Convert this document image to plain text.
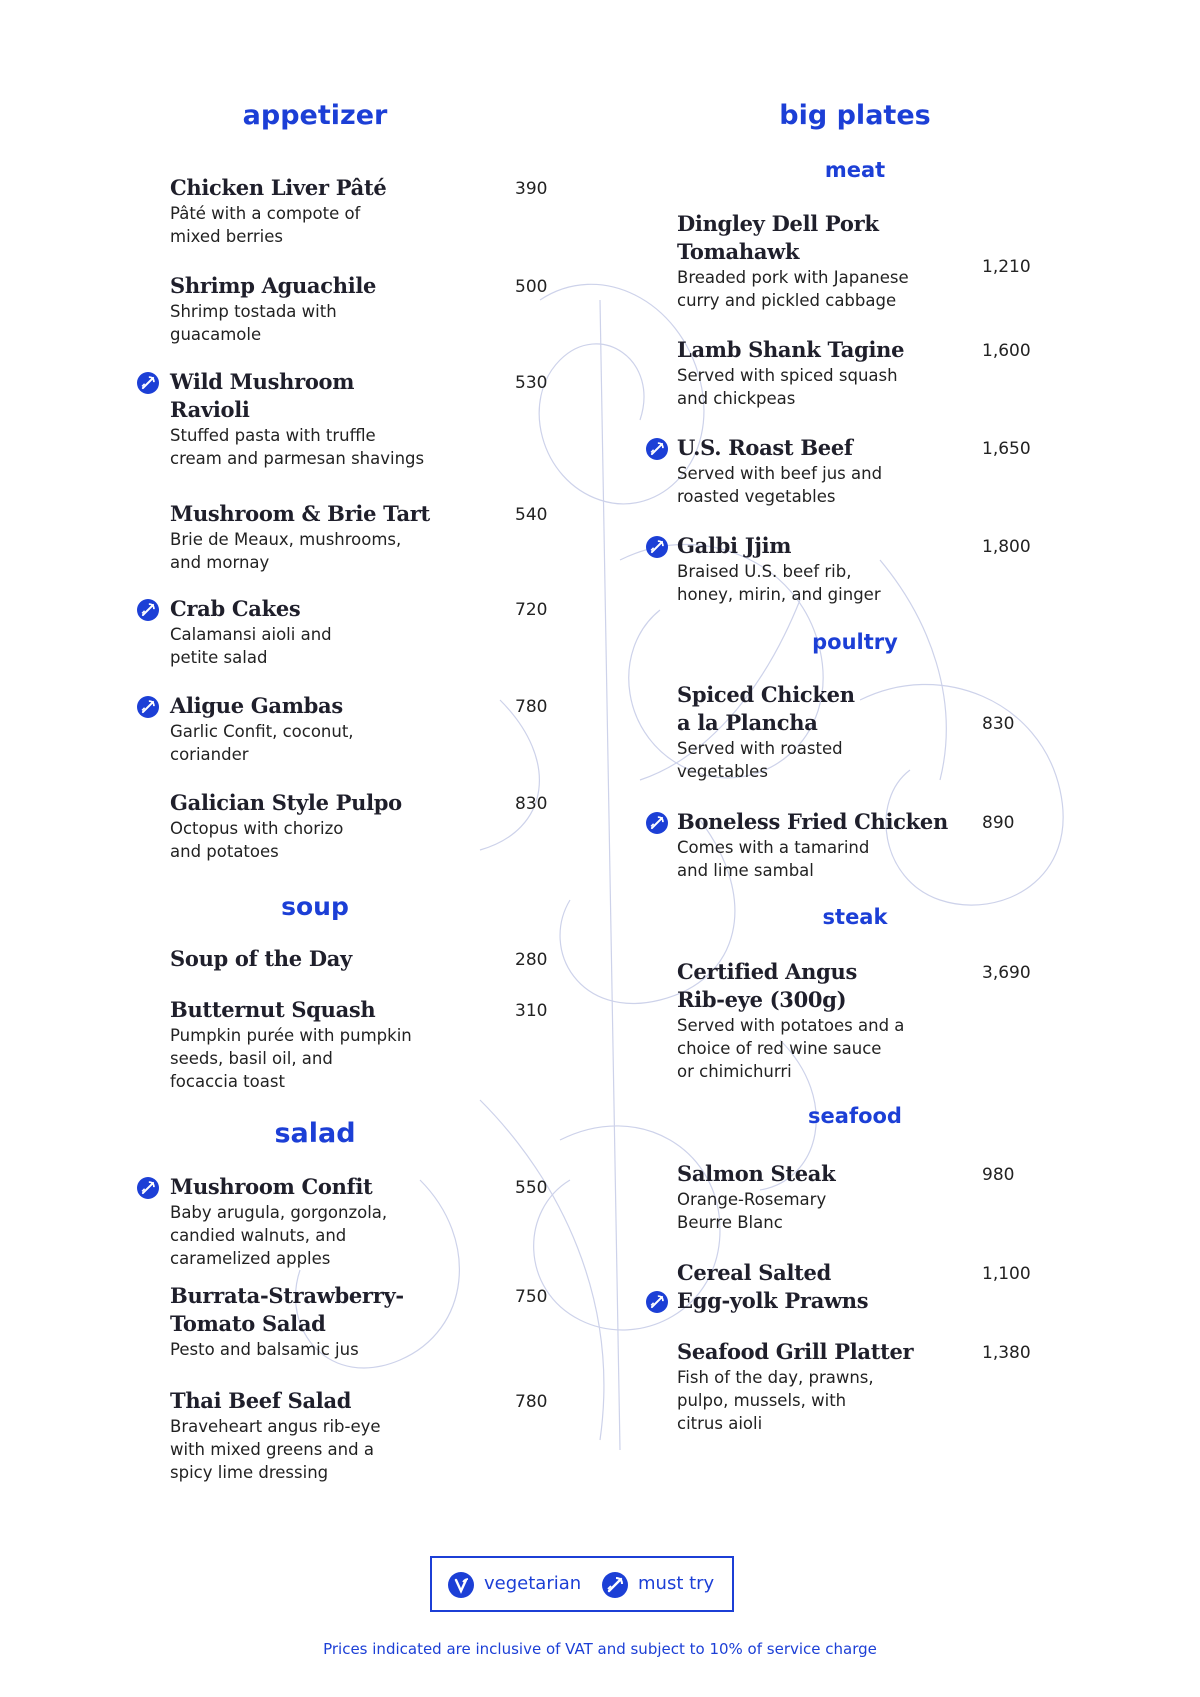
appetizer
Chicken Liver Pâté
Pâté with a compote of
mixed berries
390
Shrimp Aguachile
Shrimp tostada with
guacamole
500
Wild Mushroom
Ravioli
Stuffed pasta with truffle
cream and parmesan shavings
530
Mushroom & Brie Tart
Brie de Meaux, mushrooms,
and mornay
540
Crab Cakes
Calamansi aioli and
petite salad
720
Aligue Gambas
Garlic Confit, coconut,
coriander
780
Galician Style Pulpo
Octopus with chorizo
and potatoes
830
soup
Soup of the Day	280
Butternut Squash
Pumpkin purée with pumpkin
seeds, basil oil, and
focaccia toast
310
salad
Mushroom Confit
Baby arugula, gorgonzola,
candied walnuts, and
caramelized apples
550
Burrata-Strawberry-
Tomato Salad
Pesto and balsamic jus
750
Thai Beef Salad
Braveheart angus rib-eye
with mixed greens and a
spicy lime dressing
780
big plates
meat
Dingley Dell Pork
Tomahawk
Breaded pork with Japanese
curry and pickled cabbage
1,210
Lamb Shank Tagine
Served with spiced squash
and chickpeas
1,600
U.S. Roast Beef
Served with beef jus and
roasted vegetables
1,650
Galbi Jjim
Braised U.S. beef rib,
honey, mirin, and ginger
1,800
poultry
Spiced Chicken
a la Plancha
Served with roasted
vegetables
830
Boneless Fried Chicken
Comes with a tamarind
and lime sambal
890
steak
Certified Angus
Rib-eye (300g)
Served with potatoes and a
choice of red wine sauce
or chimichurri
3,690
seafood
Salmon Steak
Orange-Rosemary
Beurre Blanc
980
Cereal Salted
Egg-yolk Prawns
1,100
Seafood Grill Platter
Fish of the day, prawns,
pulpo, mussels, with
citrus aioli
1,380
vegetarian	must try
Prices indicated are inclusive of VAT and subject to 10% of service charge
